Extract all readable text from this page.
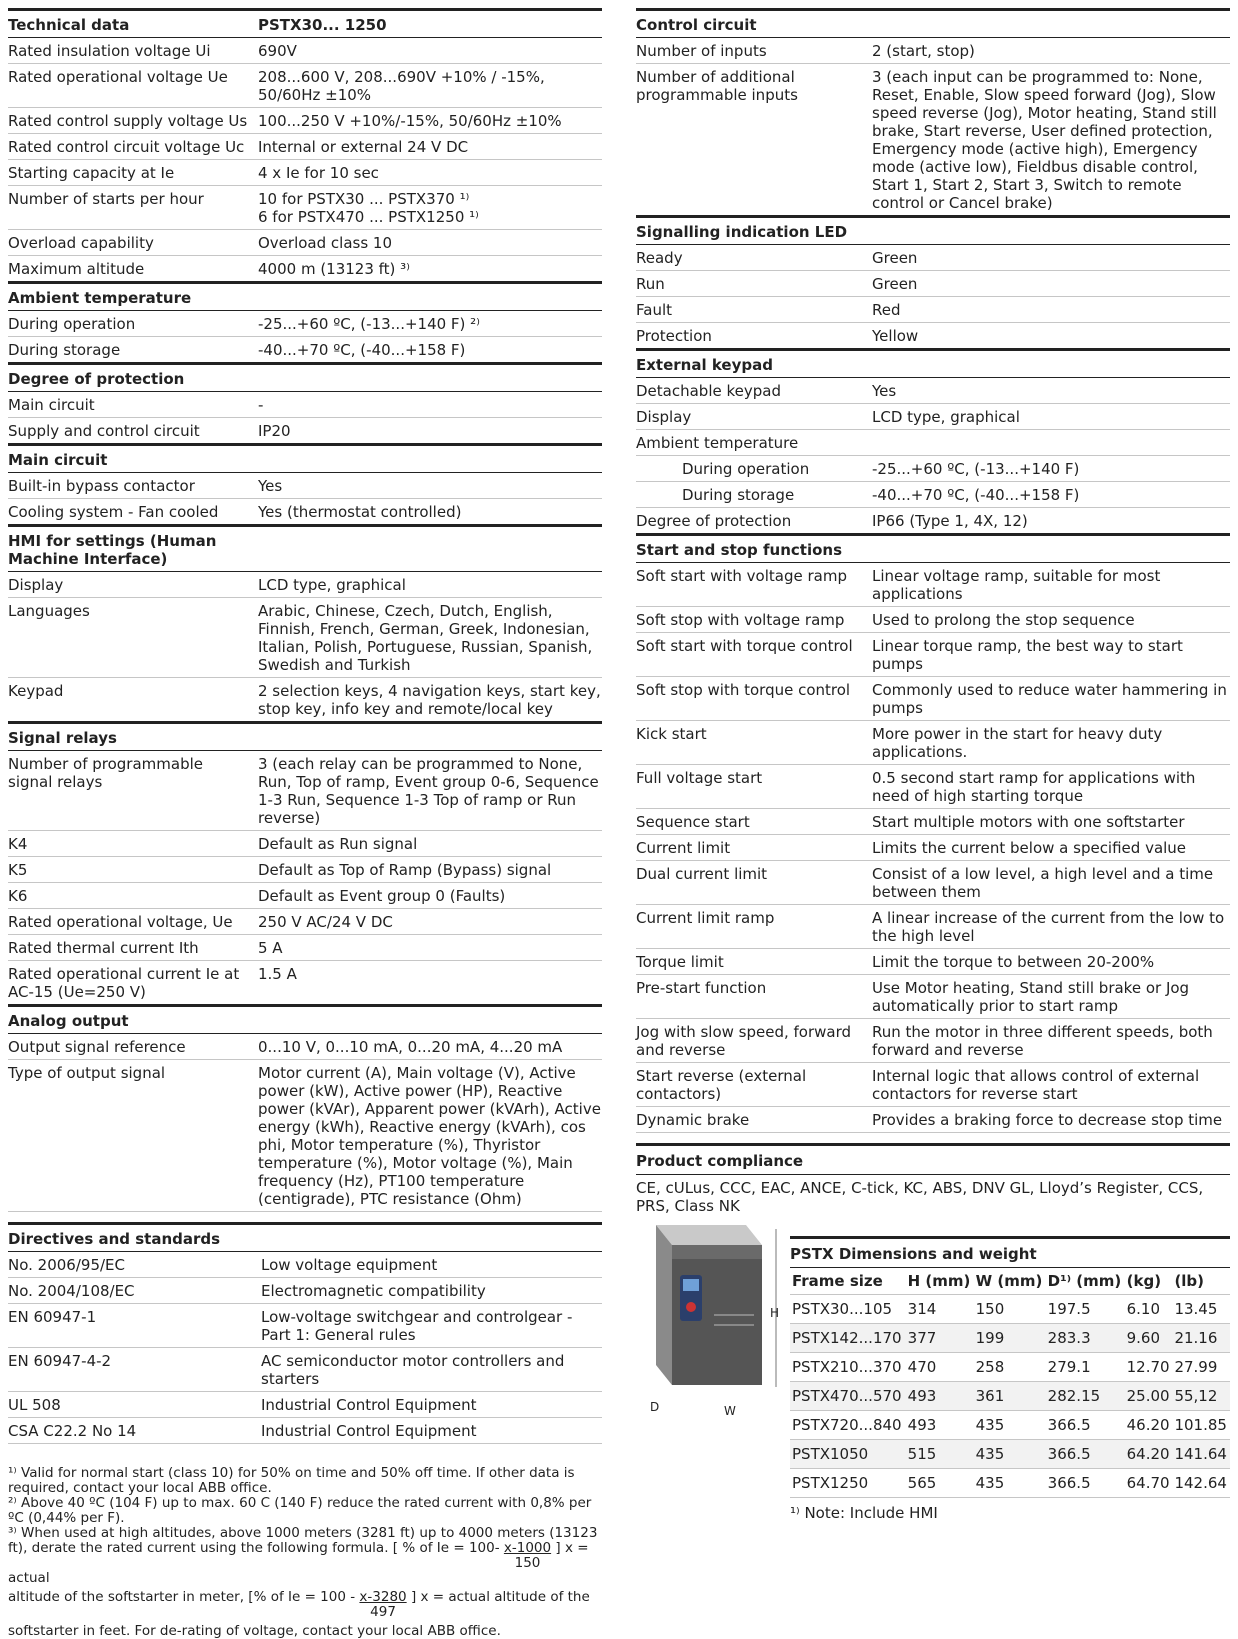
Technical data	PSTX30... 1250
Rated insulation voltage Ui	690V
Rated operational voltage Ue	208...600 V, 208...690V +10% / -15%, 50/60Hz ±10%
Rated control supply voltage Us	100...250 V +10%/-15%, 50/60Hz ±10%
Rated control circuit voltage Uc	Internal or external 24 V DC
Starting capacity at Ie	4 x Ie for 10 sec
Number of starts per hour	10 for PSTX30 ... PSTX370 ¹⁾
6 for PSTX470 ... PSTX1250 ¹⁾
Overload capability	Overload class 10
Maximum altitude	4000 m (13123 ft) ³⁾
Ambient temperature	
During operation	-25...+60 ºC, (-13...+140 F) ²⁾
During storage	-40...+70 ºC, (-40...+158 F)
Degree of protection	
Main circuit	-
Supply and control circuit	IP20
Main circuit	
Built-in bypass contactor	Yes
Cooling system - Fan cooled	Yes (thermostat controlled)
HMI for settings (Human Machine Interface)	
Display	LCD type, graphical
Languages	Arabic, Chinese, Czech, Dutch, English, Finnish, French, German, Greek, Indonesian, Italian, Polish, Portuguese, Russian, Spanish, Swedish and Turkish
Keypad	2 selection keys, 4 navigation keys, start key, stop key, info key and remote/local key
Signal relays	
Number of programmable signal relays	3 (each relay can be programmed to None, Run, Top of ramp, Event group 0-6, Sequence 1-3 Run, Sequence 1-3 Top of ramp or Run reverse)
K4	Default as Run signal
K5	Default as Top of Ramp (Bypass) signal
K6	Default as Event group 0 (Faults)
Rated operational voltage, Ue	250 V AC/24 V DC
Rated thermal current Ith	5 A
Rated operational current Ie at AC-15 (Ue=250 V)	1.5 A
Analog output	
Output signal reference	0...10 V, 0...10 mA, 0...20 mA, 4...20 mA
Type of output signal	Motor current (A), Main voltage (V), Active power (kW), Active power (HP), Reactive power (kVAr), Apparent power (kVArh), Active energy (kWh), Reactive energy (kVArh), cos phi, Motor temperature (%), Thyristor temperature (%), Motor voltage (%), Main frequency (Hz), PT100 temperature (centigrade), PTC resistance (Ohm)
Directives and standards	
No. 2006/95/EC	Low voltage equipment
No. 2004/108/EC	Electromagnetic compatibility
EN 60947-1	Low-voltage switchgear and controlgear - Part 1: General rules
EN 60947-4-2	AC semiconductor motor controllers and starters
UL 508	Industrial Control Equipment
CSA C22.2 No 14	Industrial Control Equipment

¹⁾ Valid for normal start (class 10) for 50% on time and 50% off time. If other data is required, contact your local ABB office.

²⁾ Above 40 ºC (104 F) up to max. 60 C (140 F) reduce the rated current with 0,8% per ºC (0,44% per F).

³⁾ When used at high altitudes, above 1000 meters (3281 ft) up to 4000 meters (13123 ft), derate the rated current using the following formula. [ % of $Ie = 100- \frac{x-1000}{150}$ ] x = actual

altitude of the softstarter in meter, [% of $Ie = 100 - \frac{x-3280}{497}$ ] x = actual altitude of the

softstarter in feet. For de-rating of voltage, contact your local ABB office.

Control circuit	
Number of inputs	2 (start, stop)
Number of additional programmable inputs	3 (each input can be programmed to: None, Reset, Enable, Slow speed forward (Jog), Slow speed reverse (Jog), Motor heating, Stand still brake, Start reverse, User defined protection, Emergency mode (active high), Emergency mode (active low), Fieldbus disable control, Start 1, Start 2, Start 3, Switch to remote control or Cancel brake)
Signalling indication LED	
Ready	Green
Run	Green
Fault	Red
Protection	Yellow
External keypad	
Detachable keypad	Yes
Display	LCD type, graphical
Ambient temperature	
During operation	-25...+60 ºC, (-13...+140 F)
During storage	-40...+70 ºC, (-40...+158 F)
Degree of protection	IP66 (Type 1, 4X, 12)
Start and stop functions	
Soft start with voltage ramp	Linear voltage ramp, suitable for most applications
Soft stop with voltage ramp	Used to prolong the stop sequence
Soft start with torque control	Linear torque ramp, the best way to start pumps
Soft stop with torque control	Commonly used to reduce water hammering in pumps
Kick start	More power in the start for heavy duty applications.
Full voltage start	0.5 second start ramp for applications with need of high starting torque
Sequence start	Start multiple motors with one softstarter
Current limit	Limits the current below a specified value
Dual current limit	Consist of a low level, a high level and a time between them
Current limit ramp	A linear increase of the current from the low to the high level
Torque limit	Limit the torque to between 20-200%
Pre-start function	Use Motor heating, Stand still brake or Jog automatically prior to start ramp
Jog with slow speed, forward and reverse	Run the motor in three different speeds, both forward and reverse
Start reverse (external contactors)	Internal logic that allows control of external contactors for reverse start
Dynamic brake	Provides a braking force to decrease stop time
Product compliance
CE, cULus, CCC, EAC, ANCE, C-tick, KC, ABS, DNV GL, Lloyd’s Register, CCS, PRS, Class NK
H
D	W
PSTX Dimensions and weight
Frame size	H (mm)	W (mm)	D¹⁾ (mm)	(kg)	(lb)
PSTX30...105	314	150	197.5	6.10	13.45
PSTX142...170	377	199	283.3	9.60	21.16
PSTX210...370	470	258	279.1	12.70	27.99
PSTX470...570	493	361	282.15	25.00	55,12
PSTX720...840	493	435	366.5	46.20	101.85
PSTX1050	515	435	366.5	64.20	141.64
PSTX1250	565	435	366.5	64.70	142.64
¹⁾ Note: Include HMI
